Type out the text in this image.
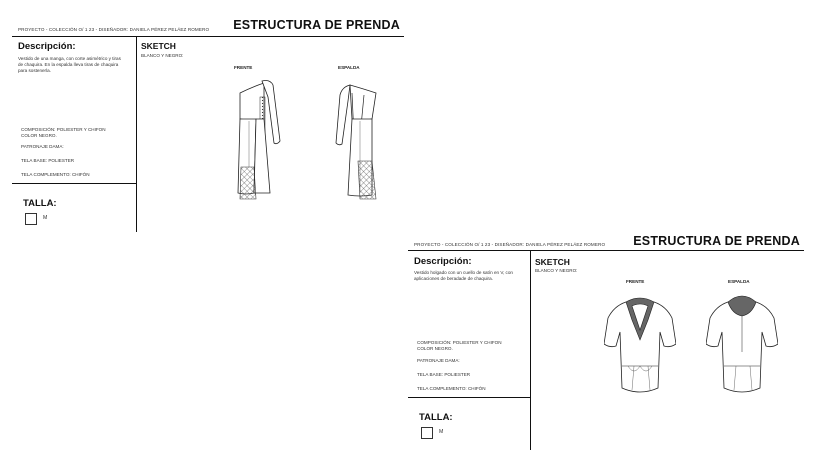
PROYECTO - COLECCIÓN O/ 1 23 - DISEÑADOR: DANIELA PÉREZ PELÁEZ ROMERO ESTRUCTURA DE PRENDA
Descripción:
Vestido de una manga, con corte asimétrico y tiras de chaquira. En la espalda lleva tiras de chaquira para sostenerla.
COMPOSICIÓN: POLIESTER Y CHIFON
COLOR NEGRO.
PATRONAJE DAMA:
TELA BASE: POLIESTER
TELA COMPLEMENTO: CHIFÓN
TALLA:
M
SKETCH
BLANCO Y NEGRO:
FRENTE	ESPALDA
PROYECTO - COLECCIÓN O/ 1 23 - DISEÑADOR: DANIELA PÉREZ PELÁEZ ROMERO ESTRUCTURA DE PRENDA
Descripción:
Vestido holgado con un cuello de satín en V, con aplicaciones de beradade de chaquira.
COMPOSICIÓN: POLIESTER Y CHIFON
COLOR NEGRO.
PATRONAJE DAMA:
TELA BASE: POLIESTER
TELA COMPLEMENTO: CHIFÓN
TALLA:
M
SKETCH
BLANCO Y NEGRO:
FRENTE	ESPALDA
